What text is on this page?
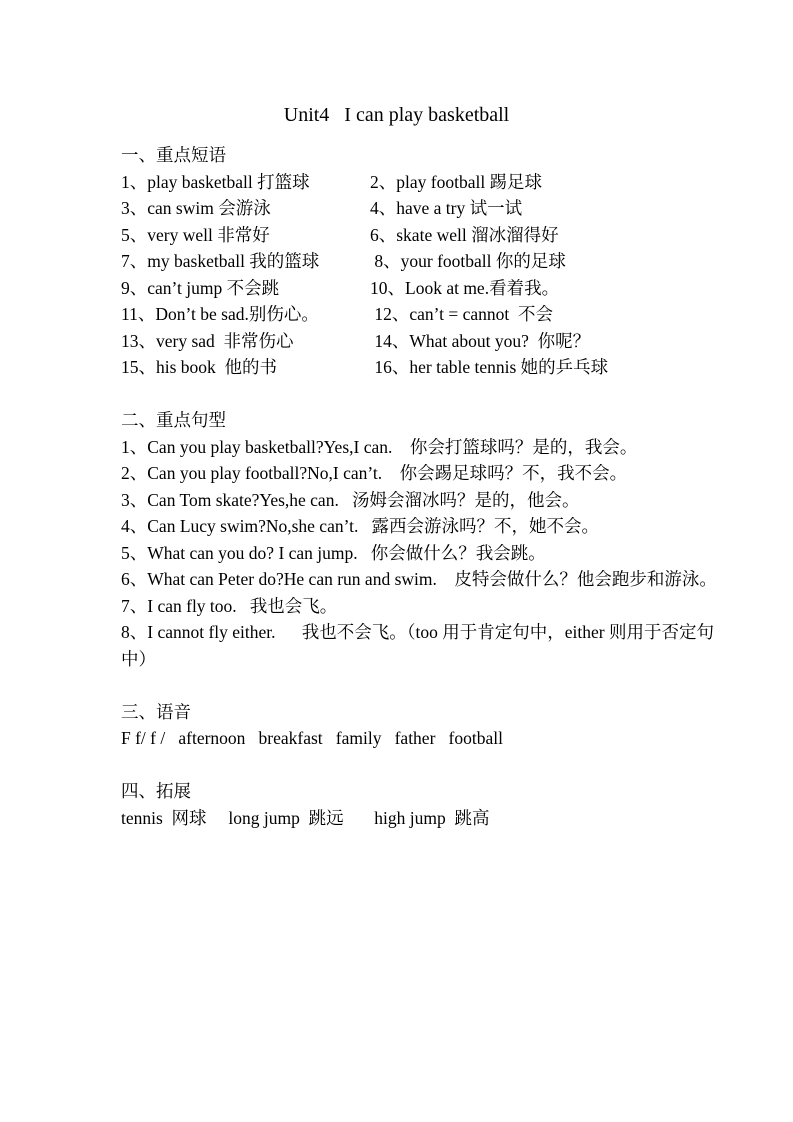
Unit4   I can play basketball
一、重点短语
1、play basketball 打篮球	2、play football 踢足球
3、can swim 会游泳	4、have a try 试一试
5、very well 非常好	6、skate well 溜冰溜得好
7、my basketball 我的篮球	8、your football 你的足球
9、can’t jump 不会跳	10、Look at me.看着我。
11、Don’t be sad.别伤心。	12、can’t = cannot  不会
13、very sad  非常伤心	14、What about you?  你呢？
15、his book  他的书	16、her table tennis 她的乒乓球
二、重点句型
1、Can you play basketball?Yes,I can.    你会打篮球吗？是的，我会。
2、Can you play football?No,I can’t.    你会踢足球吗？不，我不会。
3、Can Tom skate?Yes,he can.   汤姆会溜冰吗？是的，他会。
4、Can Lucy swim?No,she can’t.   露西会游泳吗？不，她不会。
5、What can you do? I can jump.   你会做什么？我会跳。
6、What can Peter do?He can run and swim.    皮特会做什么？他会跑步和游泳。
7、I can fly too.   我也会飞。
8、I cannot fly either.      我也不会飞。（too 用于肯定句中，either 则用于否定句中）
三、语音
F f/ f /   afternoon   breakfast   family   father   football
四、拓展
tennis  网球     long jump  跳远       high jump  跳高
